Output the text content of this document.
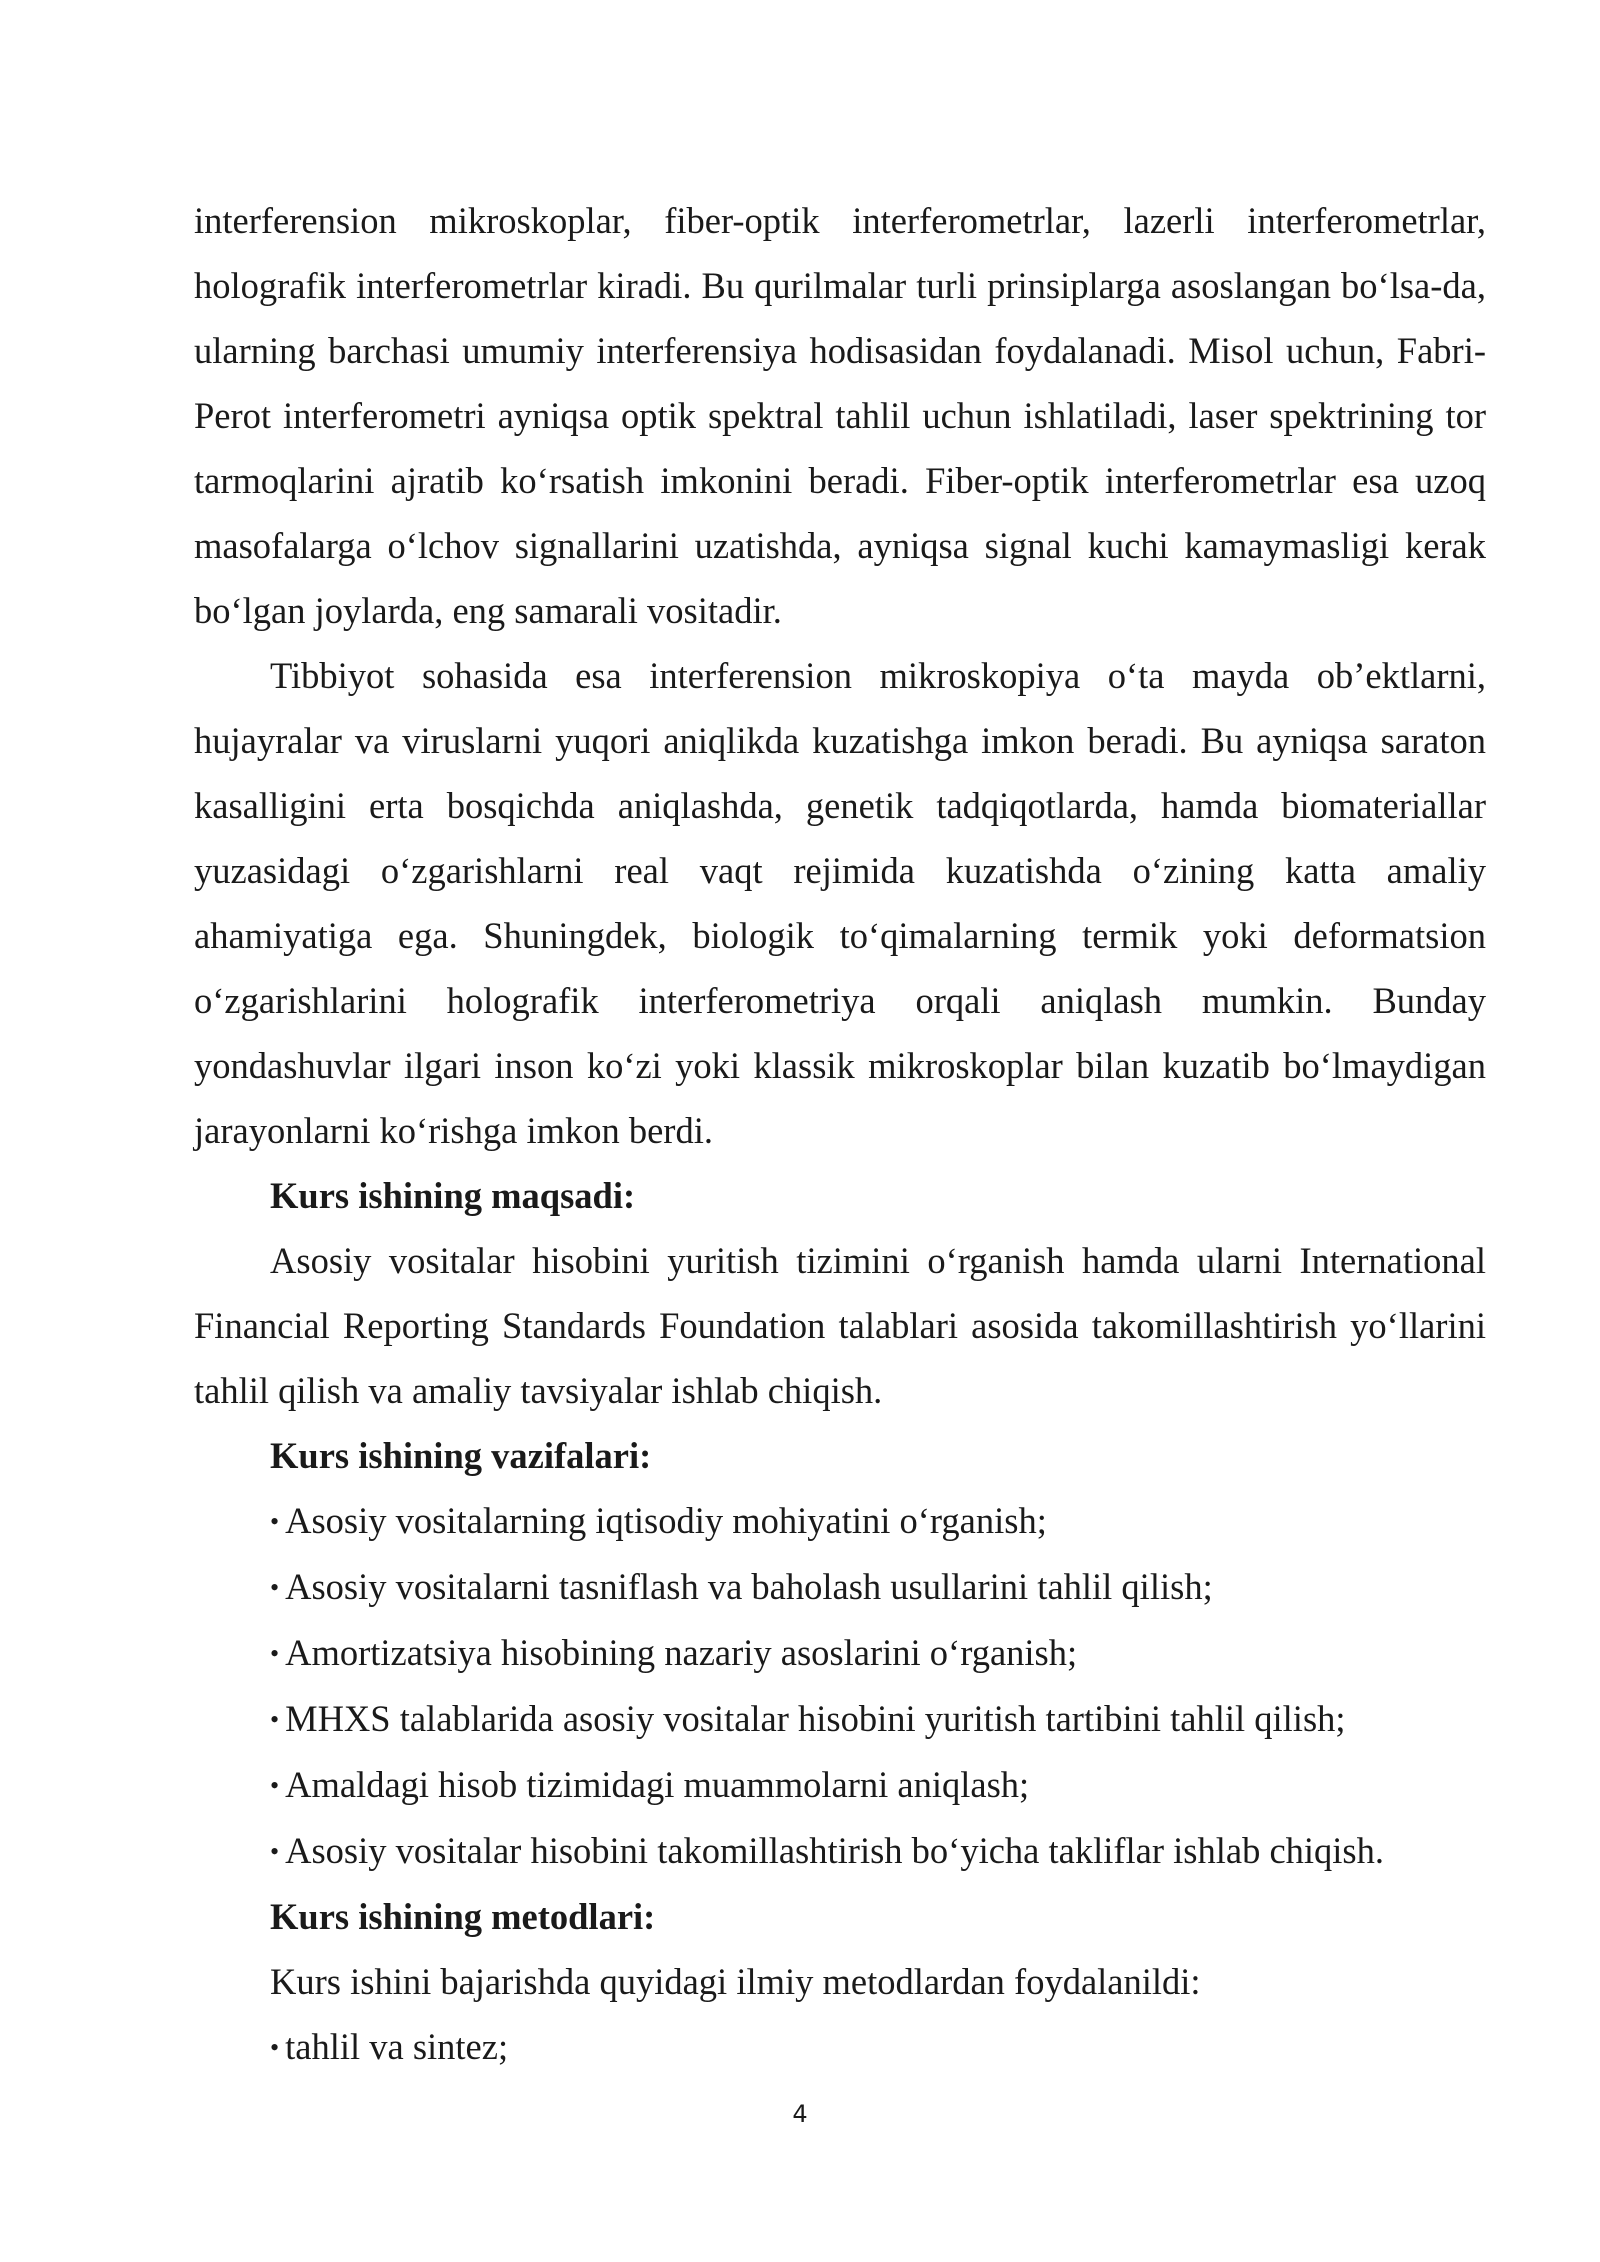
interferension mikroskoplar, fiber-optik interferometrlar, lazerli interferometrlar, holografik interferometrlar kiradi. Bu qurilmalar turli prinsiplarga asoslangan bo‘lsa-da, ularning barchasi umumiy interferensiya hodisasidan foydalanadi. Misol uchun, Fabri-Perot interferometri ayniqsa optik spektral tahlil uchun ishlatiladi, laser spektrining tor tarmoqlarini ajratib ko‘rsatish imkonini beradi. Fiber-optik interferometrlar esa uzoq masofalarga o‘lchov signallarini uzatishda, ayniqsa signal kuchi kamaymasligi kerak bo‘lgan joylarda, eng samarali vositadir.

Tibbiyot sohasida esa interferension mikroskopiya o‘ta mayda ob’ektlarni, hujayralar va viruslarni yuqori aniqlikda kuzatishga imkon beradi. Bu ayniqsa saraton kasalligini erta bosqichda aniqlashda, genetik tadqiqotlarda, hamda biomateriallar yuzasidagi o‘zgarishlarni real vaqt rejimida kuzatishda o‘zining katta amaliy ahamiyatiga ega. Shuningdek, biologik to‘qimalarning termik yoki deformatsion o‘zgarishlarini holografik interferometriya orqali aniqlash mumkin. Bunday yondashuvlar ilgari inson ko‘zi yoki klassik mikroskoplar bilan kuzatib bo‘lmaydigan jarayonlarni ko‘rishga imkon berdi.

Kurs ishining maqsadi:

Asosiy vositalar hisobini yuritish tizimini o‘rganish hamda ularni International Financial Reporting Standards Foundation talablari asosida takomillashtirish yo‘llarini tahlil qilish va amaliy tavsiyalar ishlab chiqish.

Kurs ishining vazifalari:

• Asosiy vositalarning iqtisodiy mohiyatini o‘rganish;
• Asosiy vositalarni tasniflash va baholash usullarini tahlil qilish;
• Amortizatsiya hisobining nazariy asoslarini o‘rganish;
• MHXS talablarida asosiy vositalar hisobini yuritish tartibini tahlil qilish;
• Amaldagi hisob tizimidagi muammolarni aniqlash;
• Asosiy vositalar hisobini takomillashtirish bo‘yicha takliflar ishlab chiqish.

Kurs ishining metodlari:

Kurs ishini bajarishda quyidagi ilmiy metodlardan foydalanildi:

• tahlil va sintez;
4
